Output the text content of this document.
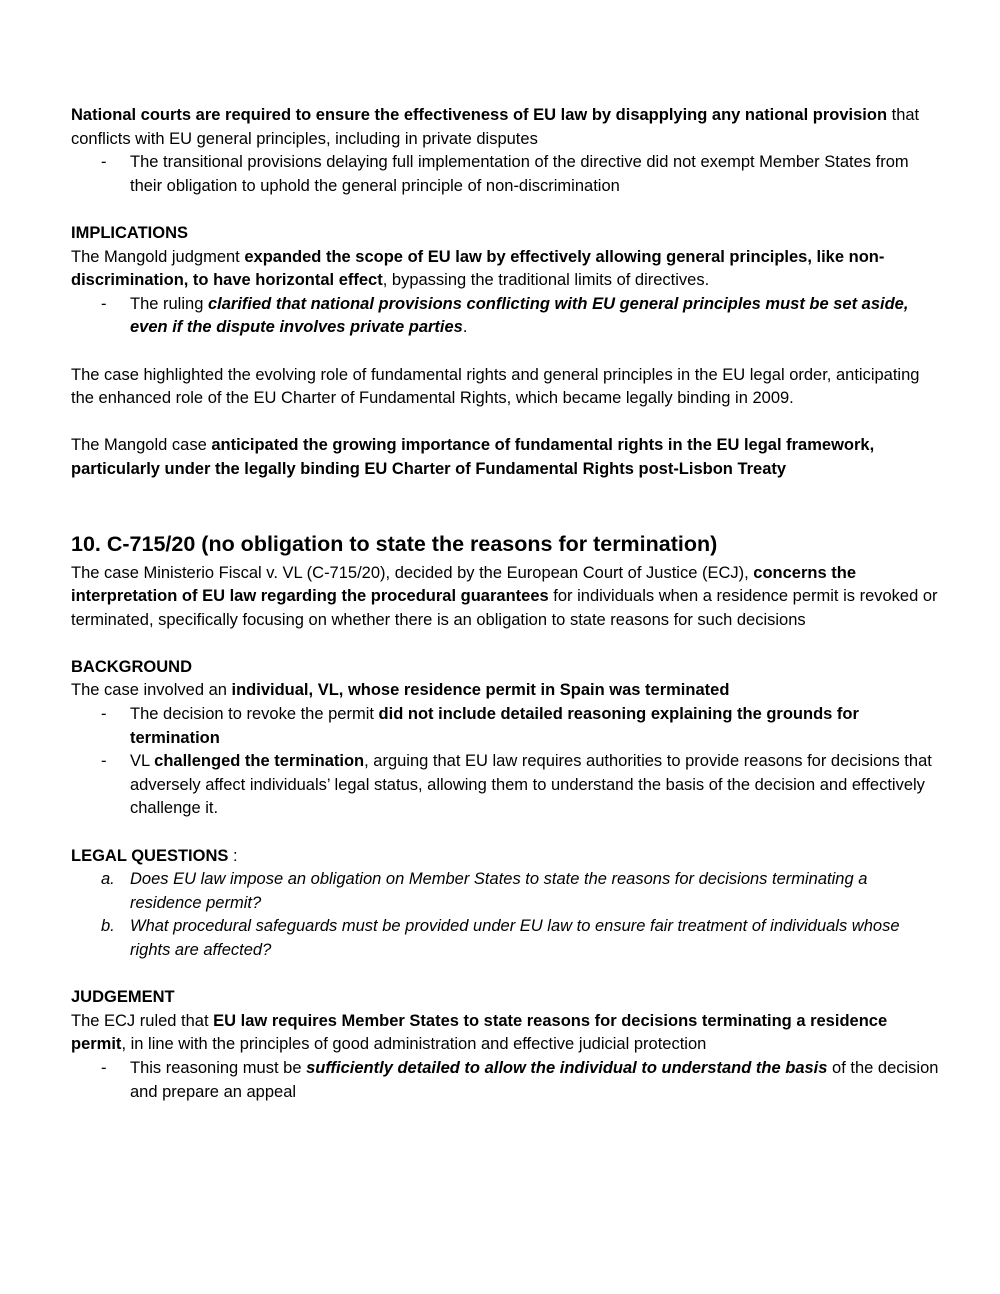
National courts are required to ensure the effectiveness of EU law by disapplying any national provision that conflicts with EU general principles, including in private disputes

- The transitional provisions delaying full implementation of the directive did not exempt Member States from their obligation to uphold the general principle of non-discrimination

IMPLICATIONS

The Mangold judgment expanded the scope of EU law by effectively allowing general principles, like non-discrimination, to have horizontal effect, bypassing the traditional limits of directives.

- The ruling clarified that national provisions conflicting with EU general principles must be set aside, even if the dispute involves private parties.

The case highlighted the evolving role of fundamental rights and general principles in the EU legal order, anticipating the enhanced role of the EU Charter of Fundamental Rights, which became legally binding in 2009.

The Mangold case anticipated the growing importance of fundamental rights in the EU legal framework, particularly under the legally binding EU Charter of Fundamental Rights post-Lisbon Treaty

10. C-715/20 (no obligation to state the reasons for termination)

The case Ministerio Fiscal v. VL (C-715/20), decided by the European Court of Justice (ECJ), concerns the interpretation of EU law regarding the procedural guarantees for individuals when a residence permit is revoked or terminated, specifically focusing on whether there is an obligation to state reasons for such decisions

BACKGROUND

The case involved an individual, VL, whose residence permit in Spain was terminated

- The decision to revoke the permit did not include detailed reasoning explaining the grounds for termination
- VL challenged the termination, arguing that EU law requires authorities to provide reasons for decisions that adversely affect individuals’ legal status, allowing them to understand the basis of the decision and effectively challenge it.

LEGAL QUESTIONS :

a. Does EU law impose an obligation on Member States to state the reasons for decisions terminating a residence permit?
b. What procedural safeguards must be provided under EU law to ensure fair treatment of individuals whose rights are affected?

JUDGEMENT

The ECJ ruled that EU law requires Member States to state reasons for decisions terminating a residence permit, in line with the principles of good administration and effective judicial protection

- This reasoning must be sufficiently detailed to allow the individual to understand the basis of the decision and prepare an appeal
